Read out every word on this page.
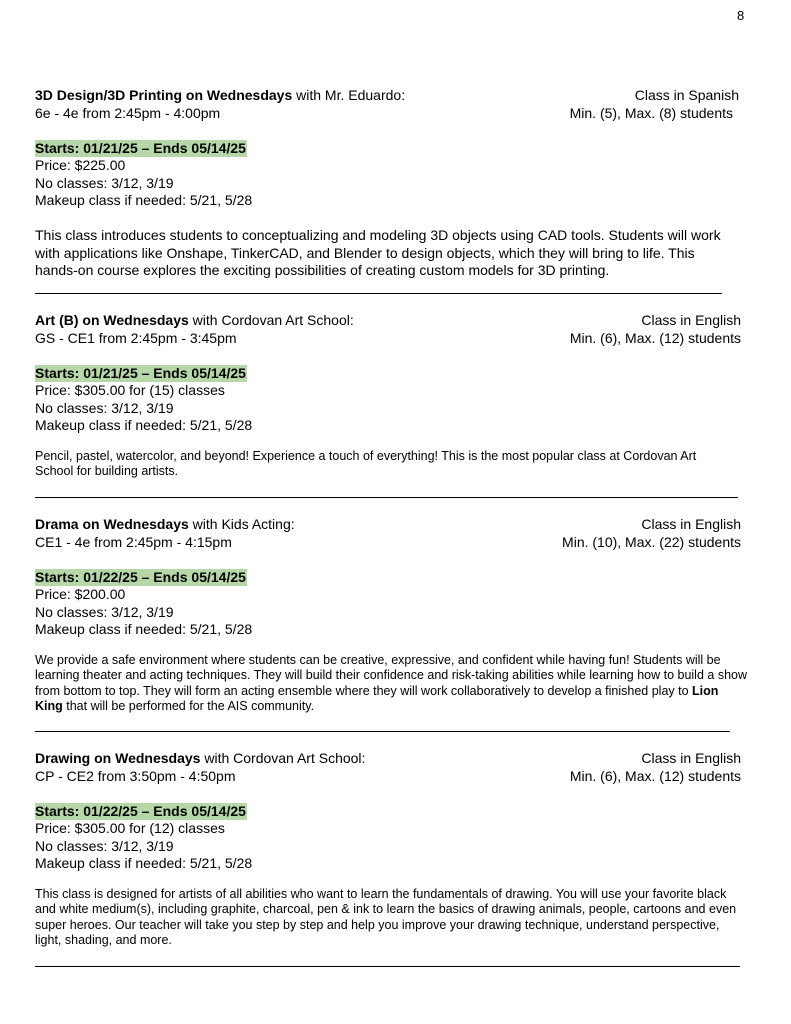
8
3D Design/3D Printing on Wednesdays with Mr. Eduardo:	Class in Spanish
6e - 4e from 2:45pm - 4:00pm	Min. (5), Max. (8) students
Starts: 01/21/25 – Ends 05/14/25
Price: $225.00
No classes: 3/12, 3/19
Makeup class if needed: 5/21, 5/28
This class introduces students to conceptualizing and modeling 3D objects using CAD tools. Students will work with applications like Onshape, TinkerCAD, and Blender to design objects, which they will bring to life. This hands-on course explores the exciting possibilities of creating custom models for 3D printing.
Art (B) on Wednesdays with Cordovan Art School:	Class in English
GS - CE1 from 2:45pm - 3:45pm	Min. (6), Max. (12) students
Starts: 01/21/25 – Ends 05/14/25
Price: $305.00 for (15) classes
No classes: 3/12, 3/19
Makeup class if needed: 5/21, 5/28
Pencil, pastel, watercolor, and beyond! Experience a touch of everything! This is the most popular class at Cordovan Art School for building artists.
Drama on Wednesdays with Kids Acting:	Class in English
CE1 - 4e from 2:45pm - 4:15pm	Min. (10), Max. (22) students
Starts: 01/22/25 – Ends 05/14/25
Price: $200.00
No classes: 3/12, 3/19
Makeup class if needed: 5/21, 5/28
We provide a safe environment where students can be creative, expressive, and confident while having fun! Students will be learning theater and acting techniques. They will build their confidence and risk-taking abilities while learning how to build a show from bottom to top. They will form an acting ensemble where they will work collaboratively to develop a finished play to Lion King that will be performed for the AIS community.
Drawing on Wednesdays with Cordovan Art School:	Class in English
CP - CE2 from 3:50pm - 4:50pm	Min. (6), Max. (12) students
Starts: 01/22/25 – Ends 05/14/25
Price: $305.00 for (12) classes
No classes: 3/12, 3/19
Makeup class if needed: 5/21, 5/28
This class is designed for artists of all abilities who want to learn the fundamentals of drawing. You will use your favorite black and white medium(s), including graphite, charcoal, pen & ink to learn the basics of drawing animals, people, cartoons and even super heroes. Our teacher will take you step by step and help you improve your drawing technique, understand perspective, light, shading, and more.
